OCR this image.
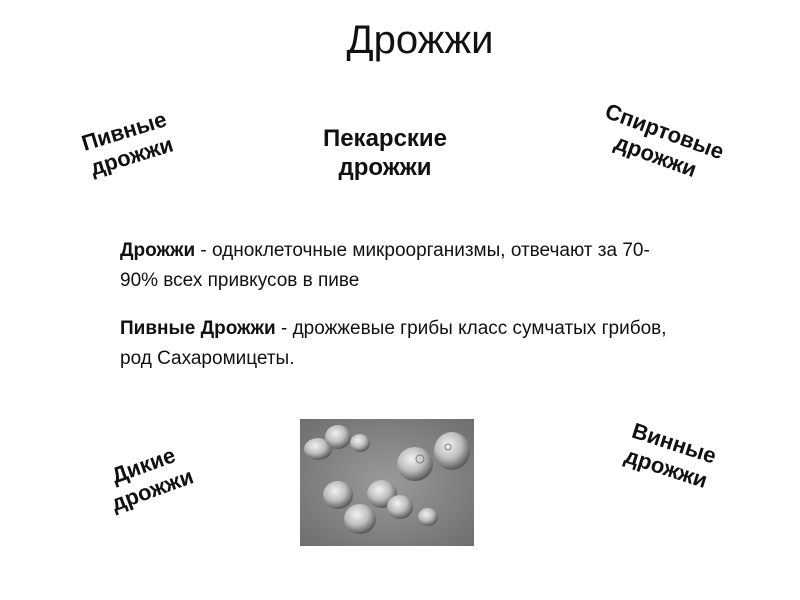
Дрожжи
Пивные
дрожжи	Пекарские
дрожжи
Спиртовые
дрожжи
Дикие
дрожжи
Винные
дрожжи
Дрожжи - одноклеточные микроорганизмы, отвечают за 70-90% всех привкусов в пиве
Пивные Дрожжи - дрожжевые грибы класс сумчатых грибов, род Сахаромицеты.
